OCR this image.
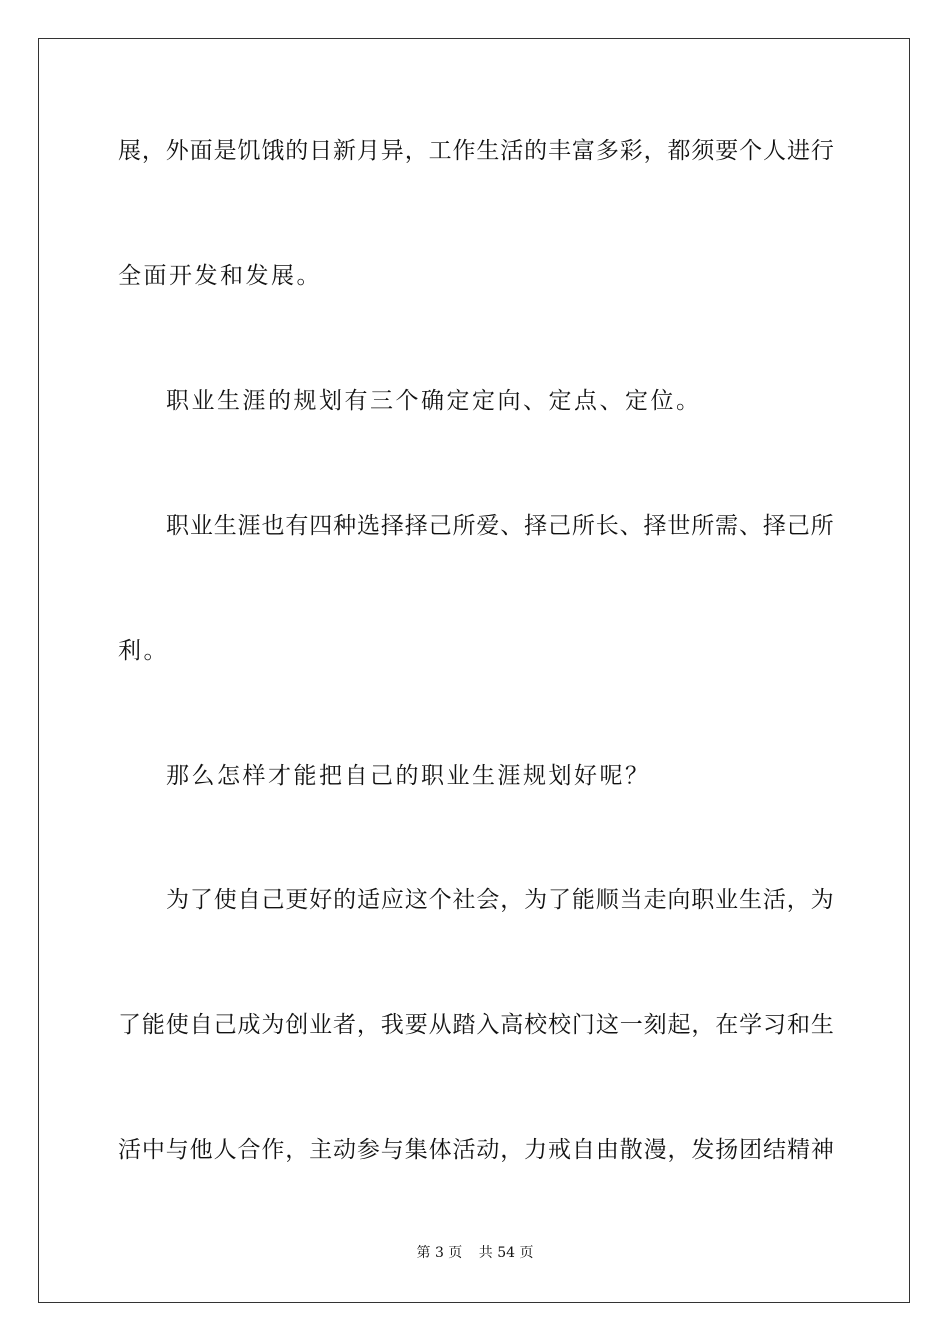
展 ， 外 面 是 饥 饿 的 日 新 月 异 ， 工 作 生 活 的 丰 富 多 彩 ， 都 须 要 个 人 进 行
全面开发和发展。
职业生涯的规划有三个确定定向、定点、定位。
职 业 生 涯 也 有 四 种 选 择 择 己 所 爱 、 择 己 所 长 、 择 世 所 需 、 择 己 所
利。
那么怎样才能把自己的职业生涯规划好呢？
为 了 使 自 己 更 好 的 适 应 这 个 社 会 ， 为 了 能 顺 当 走 向 职 业 生 活 ， 为
了 能 使 自 己 成 为 创 业 者 ， 我 要 从 踏 入 高 校 校 门 这 一 刻 起 ， 在 学 习 和 生
活 中 与 他 人 合 作 ， 主 动 参 与 集 体 活 动 ， 力 戒 自 由 散 漫 ， 发 扬 团 结 精 神
第 3 页 共 54 页
